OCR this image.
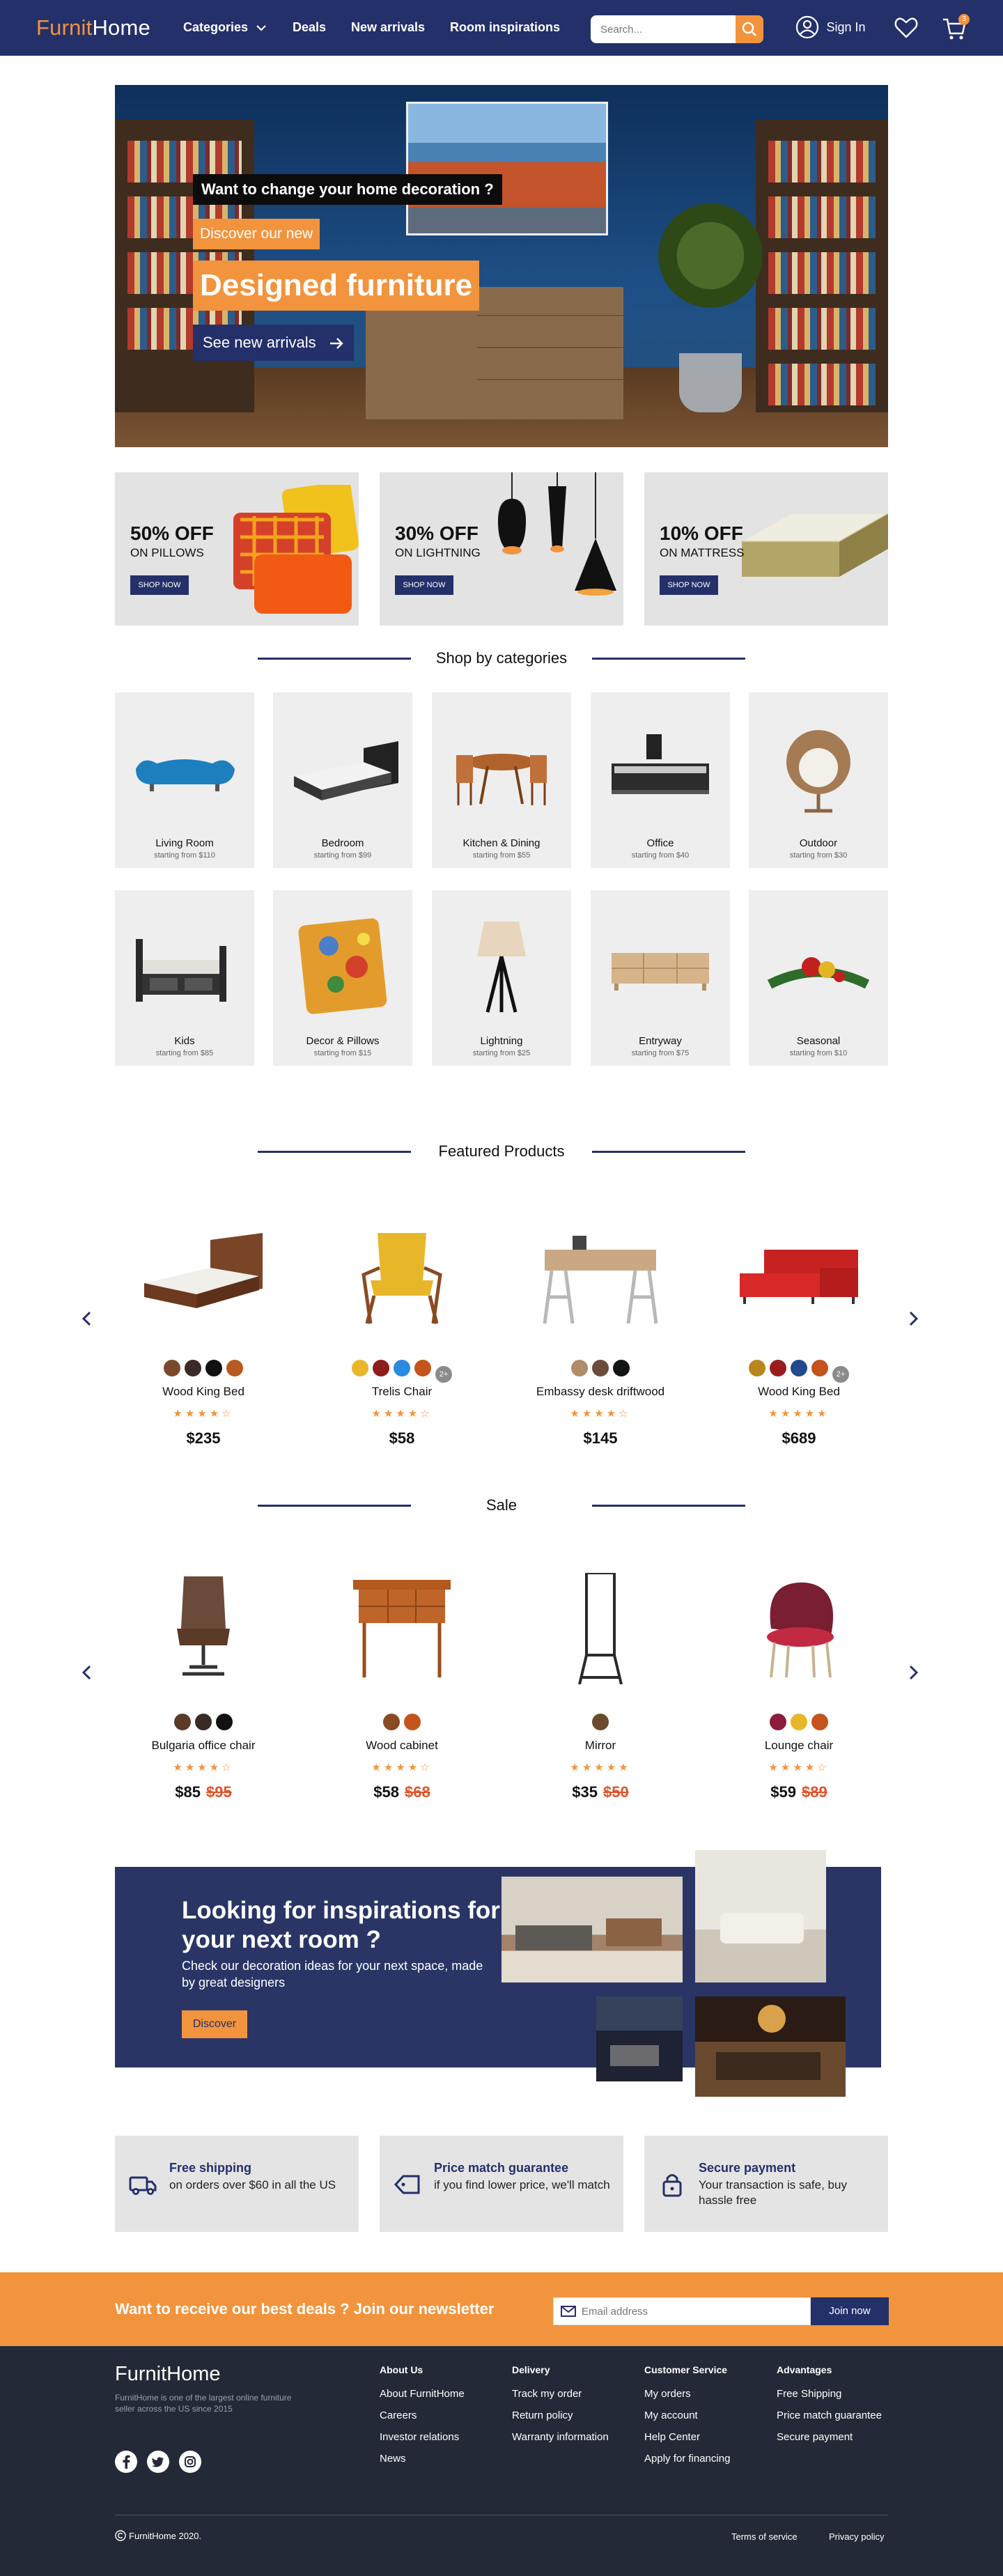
FurnitHome	Categories	Deals New arrivals Room inspirations
Search...	Sign In
3
Want to change your home decoration ?
Discover our new
Designed furniture
See new arrivals
50% OFF
ON PILLOWS
SHOP NOW
30% OFF
ON LIGHTNING
SHOP NOW
10% OFF
ON MATTRESS
SHOP NOW
Shop by categories
Living Room
starting from $110
Bedroom
starting from $99
Kitchen & Dining
starting from $55
Office
starting from $40
Outdoor
starting from $30
Kids
starting from $85
Decor & Pillows
starting from $15
Lightning
starting from $25
Entryway
starting from $75
Seasonal
starting from $10
Featured Products
Wood King Bed
★★★★☆
$235
2+
Trelis Chair
★★★★☆
$58
Embassy desk driftwood
★★★★☆
$145
2+
Wood King Bed
★★★★★
$689
Sale
Bulgaria office chair
★★★★☆
$85 $95
Wood cabinet
★★★★☆
$58 $68
Mirror
★★★★★
$35 $50
Lounge chair
★★★★☆
$59 $89
Looking for inspirations for your next room ?
Check our decoration ideas for your next space, made by great designers
Discover
Free shipping
on orders over $60 in all the US
Price match guarantee
if you find lower price, we'll match
Secure payment
Your transaction is safe, buy hassle free
Want to receive our best deals ? Join our newsletter
Email address	Join now
FurnitHome
FurnitHome is one of the largest online furniture seller across the US since 2015
About Us
About FurnitHome
Careers
Investor relations
News
Delivery
Track my order
Return policy
Warranty information
Customer Service
My orders
My account
Help Center
Apply for financing
Advantages
Free Shipping
Price match guarantee
Secure payment
FurnitHome 2020.	Terms of service	Privacy policy
